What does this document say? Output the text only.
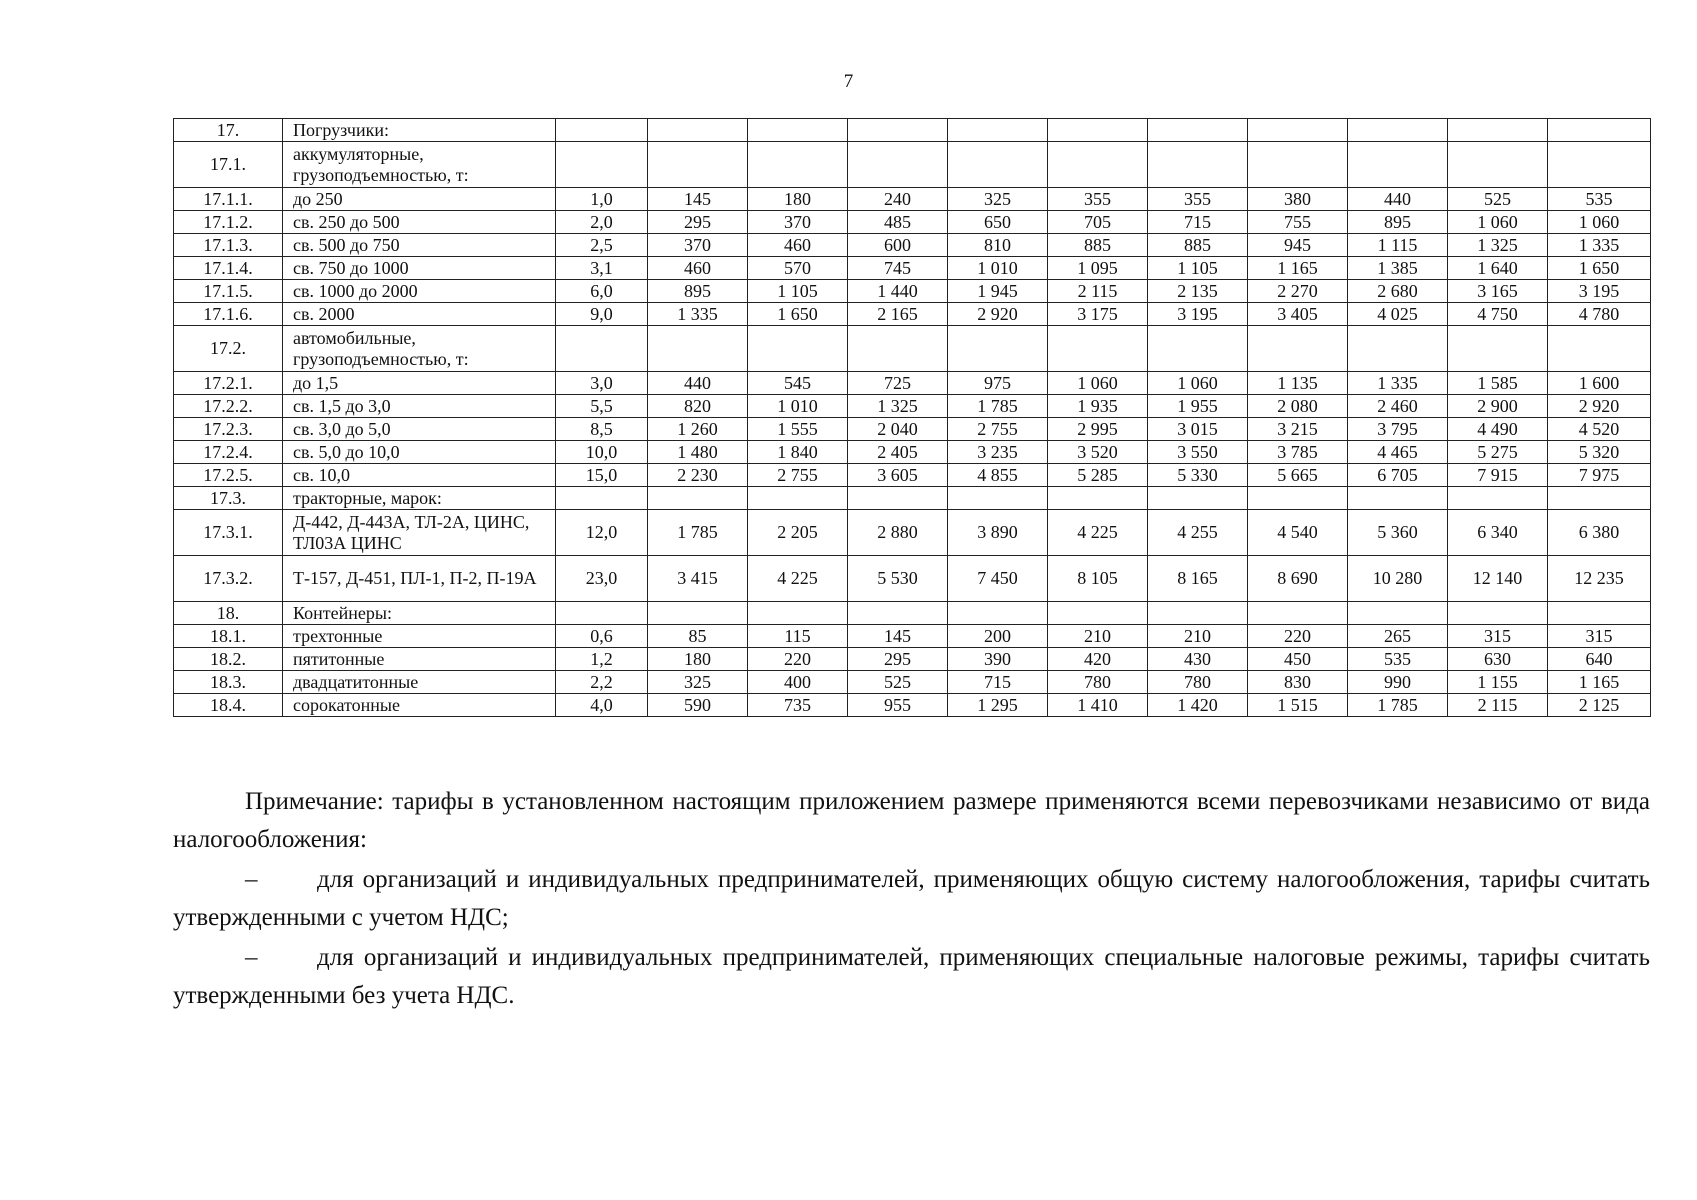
7
17.	Погрузчики:											
17.1.	аккумуляторные, грузоподъемностью, т:											
17.1.1.	до 250	1,0	145	180	240	325	355	355	380	440	525	535
17.1.2.	св. 250 до 500	2,0	295	370	485	650	705	715	755	895	1 060	1 060
17.1.3.	св. 500 до 750	2,5	370	460	600	810	885	885	945	1 115	1 325	1 335
17.1.4.	св. 750 до 1000	3,1	460	570	745	1 010	1 095	1 105	1 165	1 385	1 640	1 650
17.1.5.	св. 1000 до 2000	6,0	895	1 105	1 440	1 945	2 115	2 135	2 270	2 680	3 165	3 195
17.1.6.	св. 2000	9,0	1 335	1 650	2 165	2 920	3 175	3 195	3 405	4 025	4 750	4 780
17.2.	автомобильные, грузоподъемностью, т:											
17.2.1.	до 1,5	3,0	440	545	725	975	1 060	1 060	1 135	1 335	1 585	1 600
17.2.2.	св. 1,5 до 3,0	5,5	820	1 010	1 325	1 785	1 935	1 955	2 080	2 460	2 900	2 920
17.2.3.	св. 3,0 до 5,0	8,5	1 260	1 555	2 040	2 755	2 995	3 015	3 215	3 795	4 490	4 520
17.2.4.	св. 5,0 до 10,0	10,0	1 480	1 840	2 405	3 235	3 520	3 550	3 785	4 465	5 275	5 320
17.2.5.	св. 10,0	15,0	2 230	2 755	3 605	4 855	5 285	5 330	5 665	6 705	7 915	7 975
17.3.	тракторные, марок:											
17.3.1.	Д-442, Д-443А, ТЛ-2А, ЦИНС, ТЛ03А ЦИНС	12,0	1 785	2 205	2 880	3 890	4 225	4 255	4 540	5 360	6 340	6 380
17.3.2.	Т-157, Д-451, ПЛ-1, П-2, П-19А	23,0	3 415	4 225	5 530	7 450	8 105	8 165	8 690	10 280	12 140	12 235
18.	Контейнеры:											
18.1.	трехтонные	0,6	85	115	145	200	210	210	220	265	315	315
18.2.	пятитонные	1,2	180	220	295	390	420	430	450	535	630	640
18.3.	двадцатитонные	2,2	325	400	525	715	780	780	830	990	1 155	1 165
18.4.	сорокатонные	4,0	590	735	955	1 295	1 410	1 420	1 515	1 785	2 115	2 125

Примечание: тарифы в установленном настоящим приложением размере применяются всеми перевозчиками независимо от вида налогообложения:

– для организаций и индивидуальных предпринимателей, применяющих общую систему налогообложения, тарифы считать утвержденными с учетом НДС;

– для организаций и индивидуальных предпринимателей, применяющих специальные налоговые режимы, тарифы считать утвержденными без учета НДС.
